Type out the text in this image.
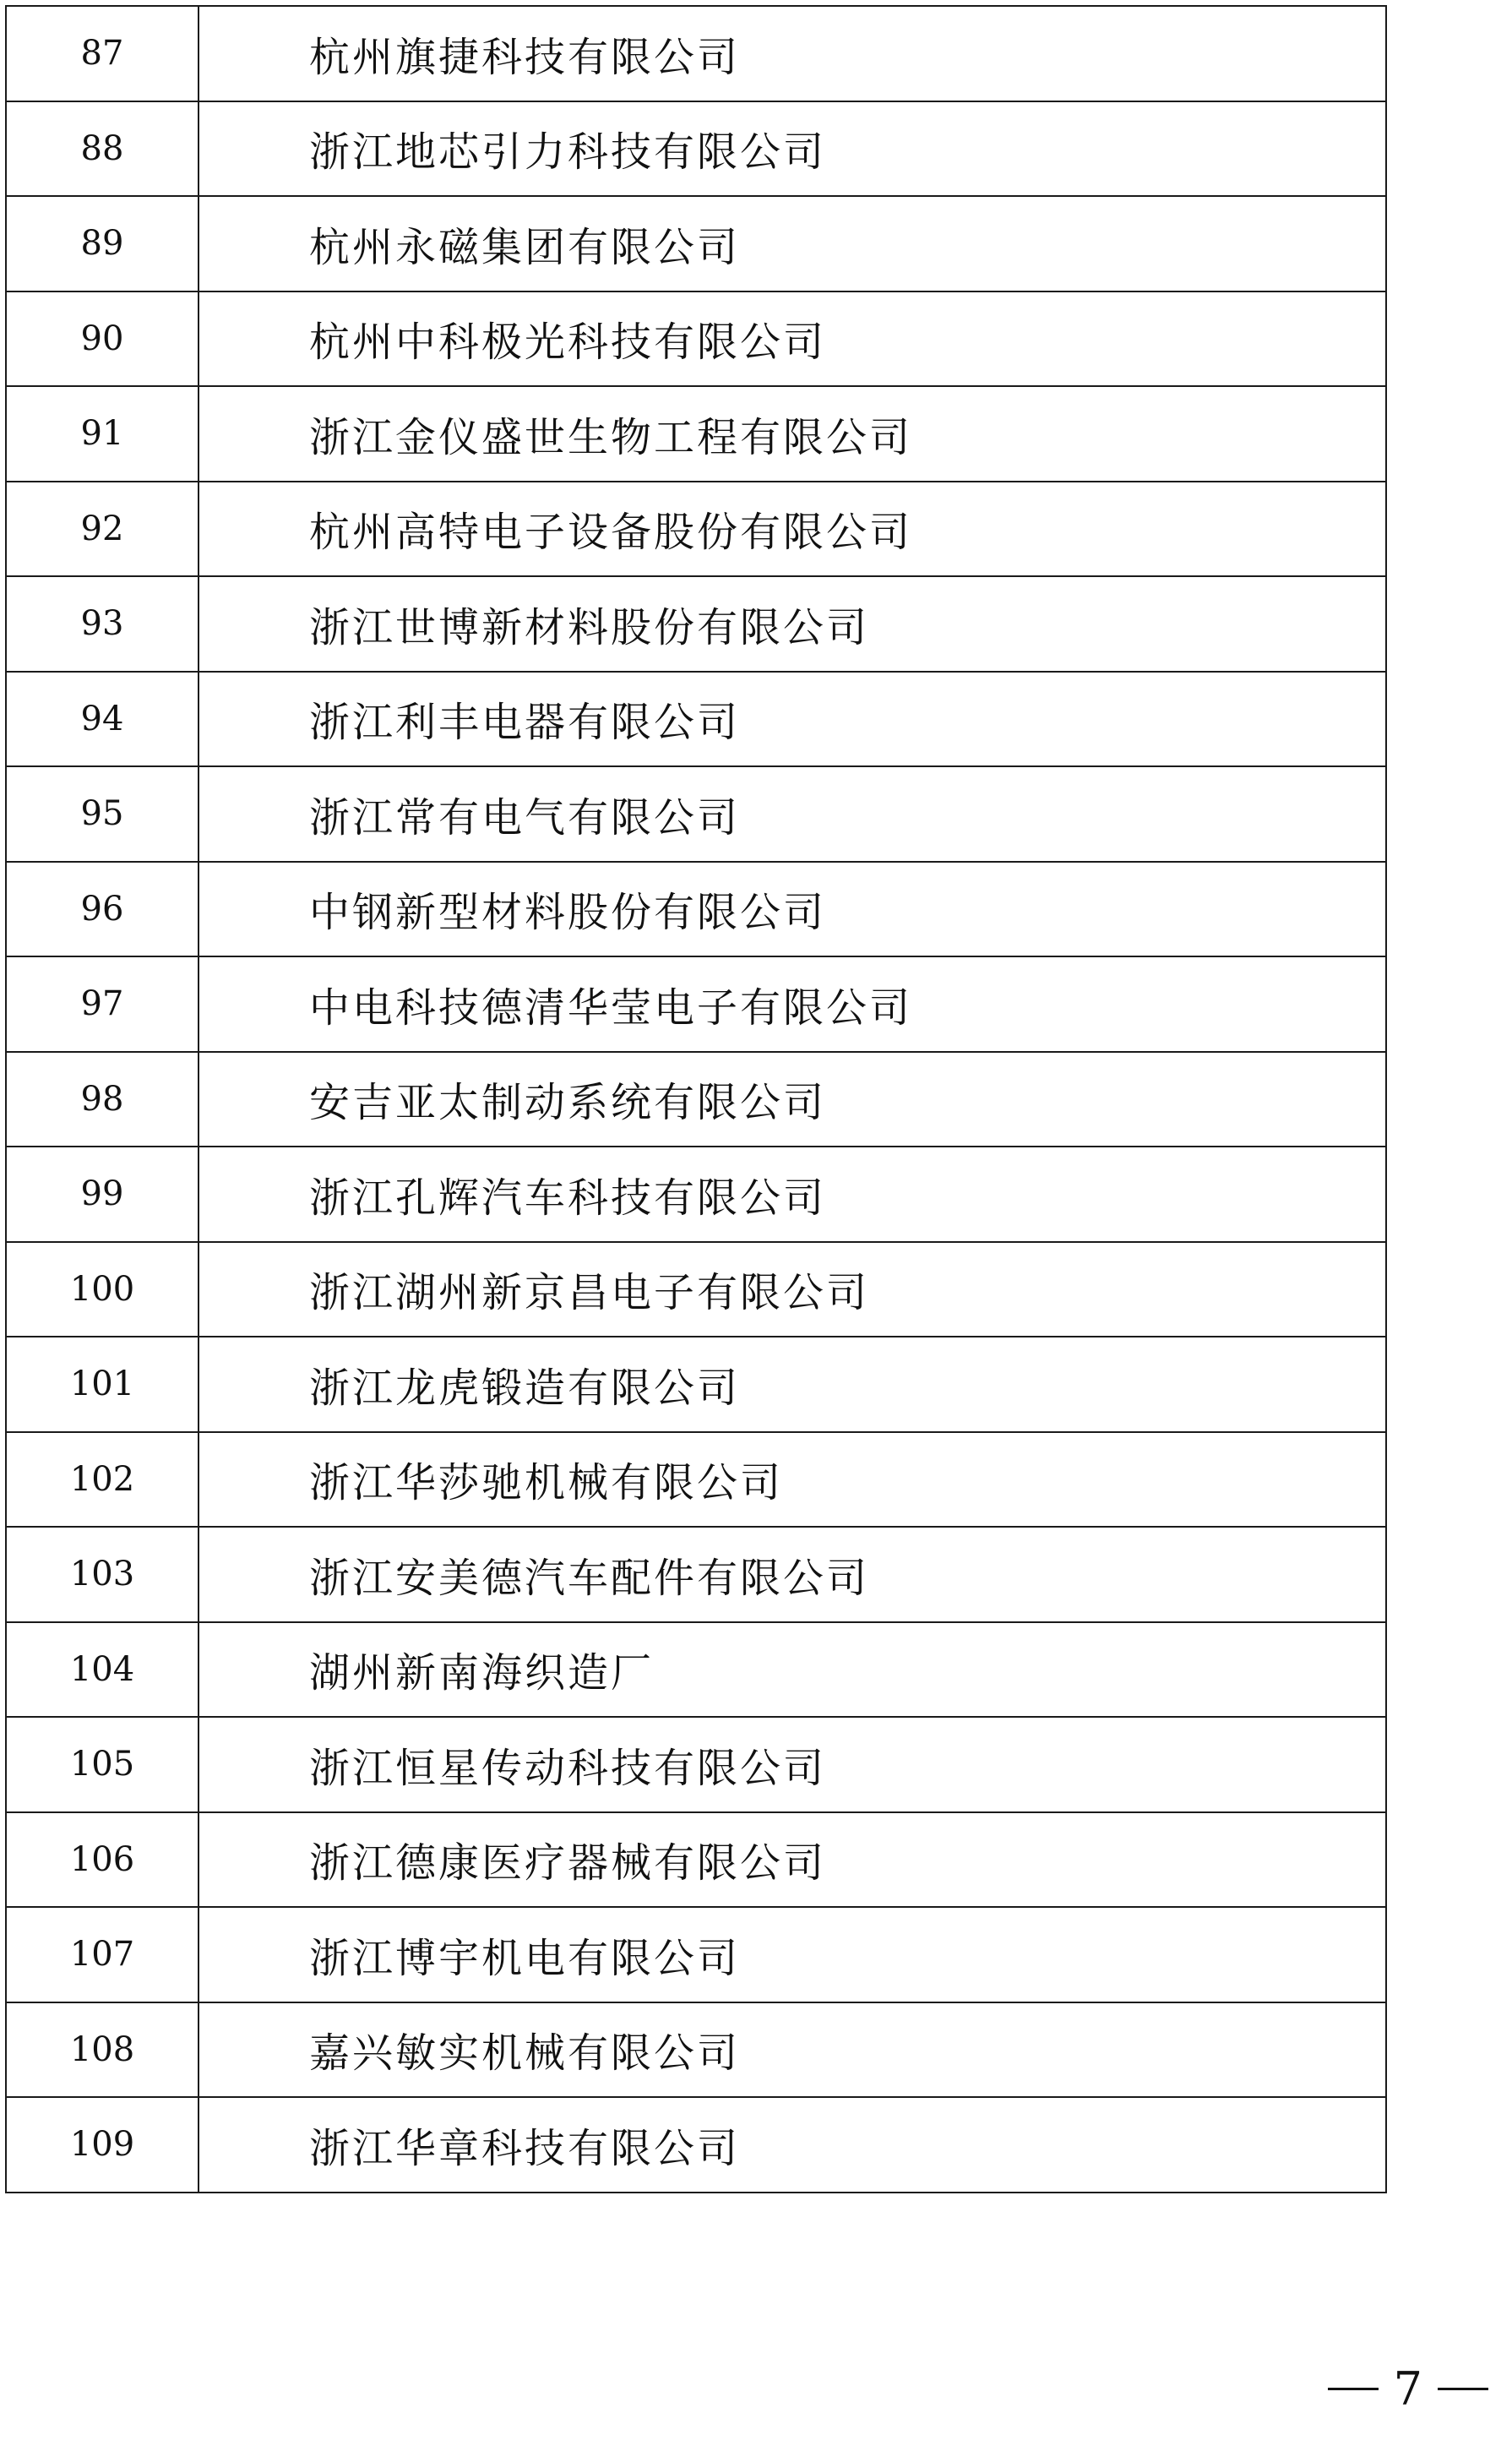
87	杭州旗捷科技有限公司
88	浙江地芯引力科技有限公司
89	杭州永磁集团有限公司
90	杭州中科极光科技有限公司
91	浙江金仪盛世生物工程有限公司
92	杭州高特电子设备股份有限公司
93	浙江世博新材料股份有限公司
94	浙江利丰电器有限公司
95	浙江常有电气有限公司
96	中钢新型材料股份有限公司
97	中电科技德清华莹电子有限公司
98	安吉亚太制动系统有限公司
99	浙江孔辉汽车科技有限公司
100	浙江湖州新京昌电子有限公司
101	浙江龙虎锻造有限公司
102	浙江华莎驰机械有限公司
103	浙江安美德汽车配件有限公司
104	湖州新南海织造厂
105	浙江恒星传动科技有限公司
106	浙江德康医疗器械有限公司
107	浙江博宇机电有限公司
108	嘉兴敏实机械有限公司
109	浙江华章科技有限公司
7
